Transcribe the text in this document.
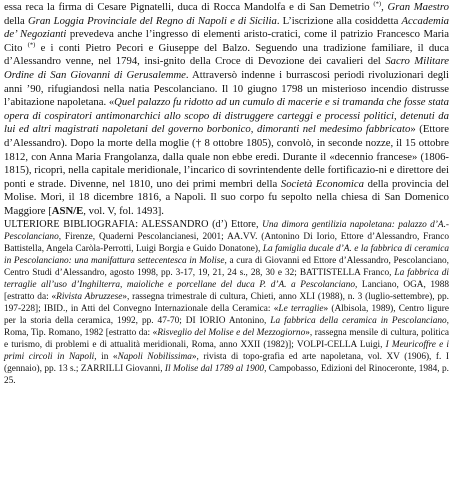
essa reca la firma di Cesare Pignatelli, duca di Rocca Mandolfa e di San Demetrio (*), Gran Maestro della Gran Loggia Provinciale del Regno di Napoli e di Sicilia. L’iscrizione alla cosiddetta Accademia de’ Negozianti prevedeva anche l’ingresso di elementi aristo-cratici, come il patrizio Francesco Maria Cito (*) e i conti Pietro Pecori e Giuseppe del Balzo. Seguendo una tradizione familiare, il duca d’Alessandro venne, nel 1794, insi-gnito della Croce di Devozione dei cavalieri del Sacro Militare Ordine di San Giovanni di Gerusalemme. Attraversò indenne i burrascosi periodi rivoluzionari degli anni ’90, rifugiandosi nella natia Pescolanciano. Il 10 giugno 1798 un misterioso incendio distrusse l’abitazione napoletana. «Quel palazzo fu ridotto ad un cumulo di macerie e si tramanda che fosse stata opera di cospiratori antimonarchici allo scopo di distruggere carteggi e processi politici, detenuti da lui ed altri magistrati napoletani del governo borbonico, dimoranti nel medesimo fabbricato» (Ettore d’Alessandro). Dopo la morte della moglie († 8 ottobre 1805), convolò, in seconde nozze, il 15 ottobre 1812, con Anna Maria Frangolanza, dalla quale non ebbe eredi. Durante il «decennio francese» (1806-1815), ricoprì, nella capitale meridionale, l’incarico di sovrintendente delle fortificazio-ni e direttore dei ponti e strade. Divenne, nel 1810, uno dei primi membri della Società Economica della provincia del Molise. Morì, il 18 dicembre 1816, a Napoli. Il suo corpo fu sepolto nella chiesa di San Domenico Maggiore [ASN/E, vol. V, fol. 1493].

ULTERIORE BIBLIOGRAFIA: ALESSANDRO (d’) Ettore, Una dimora gentilizia napoletana: palazzo d’A.-Pescolanciano, Firenze, Quaderni Pescolancianesi, 2001; AA.VV. (Antonino Di Iorio, Ettore d’Alessandro, Franco Battistella, Angela Caròla-Perrotti, Luigi Borgia e Guido Donatone), La famiglia ducale d’A. e la fabbrica di ceramica in Pescolanciano: una manifattura settecentesca in Molise, a cura di Giovanni ed Ettore d’Alessandro, Pescolanciano, Centro Studi d’Alessandro, agosto 1998, pp. 3-17, 19, 21, 24 s., 28, 30 e 32; BATTISTELLA Franco, La fabbrica di terraglie all’uso d’Inghilterra, maioliche e porcellane del duca P. d’A. a Pescolanciano, Lanciano, OGA, 1988 [estratto da: «Rivista Abruzzese», rassegna trimestrale di cultura, Chieti, anno XLI (1988), n. 3 (luglio-settembre), pp. 197-228]; IBID., in Atti del Convegno Internazionale della Ceramica: «Le terraglie» (Albisola, 1989), Centro ligure per la storia della ceramica, 1992, pp. 47-70; DI IORIO Antonino, La fabbrica della ceramica in Pescolanciano, Roma, Tip. Romano, 1982 [estratto da: «Risveglio del Molise e del Mezzogiorno», rassegna mensile di cultura, politica e turismo, di problemi e di attualità meridionali, Roma, anno XXII (1982)]; VOLPI-CELLA Luigi, I Meuricoffre e i primi circoli in Napoli, in «Napoli Nobilissima», rivista di topo-grafia ed arte napoletana, vol. XV (1906), f. I (gennaio), pp. 13 s.; ZARRILLI Giovanni, Il Molise dal 1789 al 1900, Campobasso, Edizioni del Rinoceronte, 1984, p. 25.
